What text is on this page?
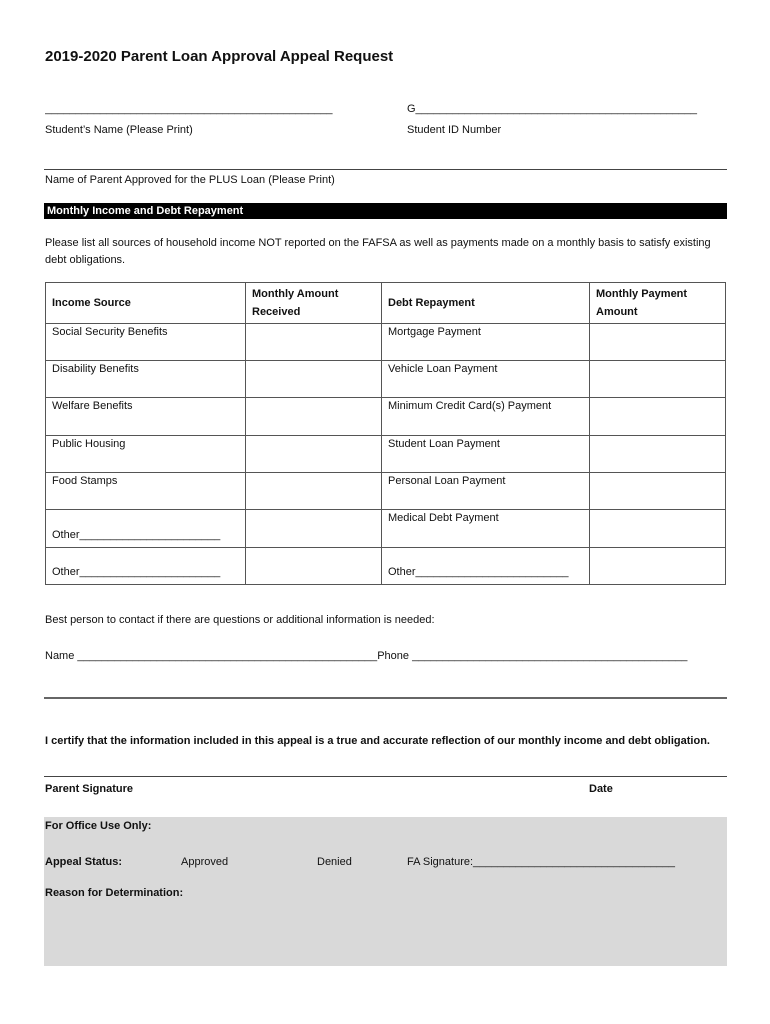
2019-2020 Parent Loan Approval Appeal Request
_______________________________________________
Student’s Name (Please Print)
G______________________________________________
Student ID Number
Name of Parent Approved for the PLUS Loan (Please Print)
Monthly Income and Debt Repayment
Please list all sources of household income NOT reported on the FAFSA as well as payments made on a monthly basis to satisfy existing debt obligations.
Income Source	Monthly Amount Received	Debt Repayment	Monthly Payment Amount
Social Security Benefits		Mortgage Payment	
Disability Benefits		Vehicle Loan Payment	
Welfare Benefits		Minimum Credit Card(s) Payment	
Public Housing		Student Loan Payment	
Food Stamps		Personal Loan Payment	
Other_______________________		Medical Debt Payment	
Other_______________________		Other_________________________	
Best person to contact if there are questions or additional information is needed:
Name _________________________________________________Phone _____________________________________________
I certify that the information included in this appeal is a true and accurate reflection of our monthly income and debt obligation.
Parent Signature	Date
For Office Use Only:
Appeal Status:	Approved	Denied	FA Signature:_________________________________
Reason for Determination:
